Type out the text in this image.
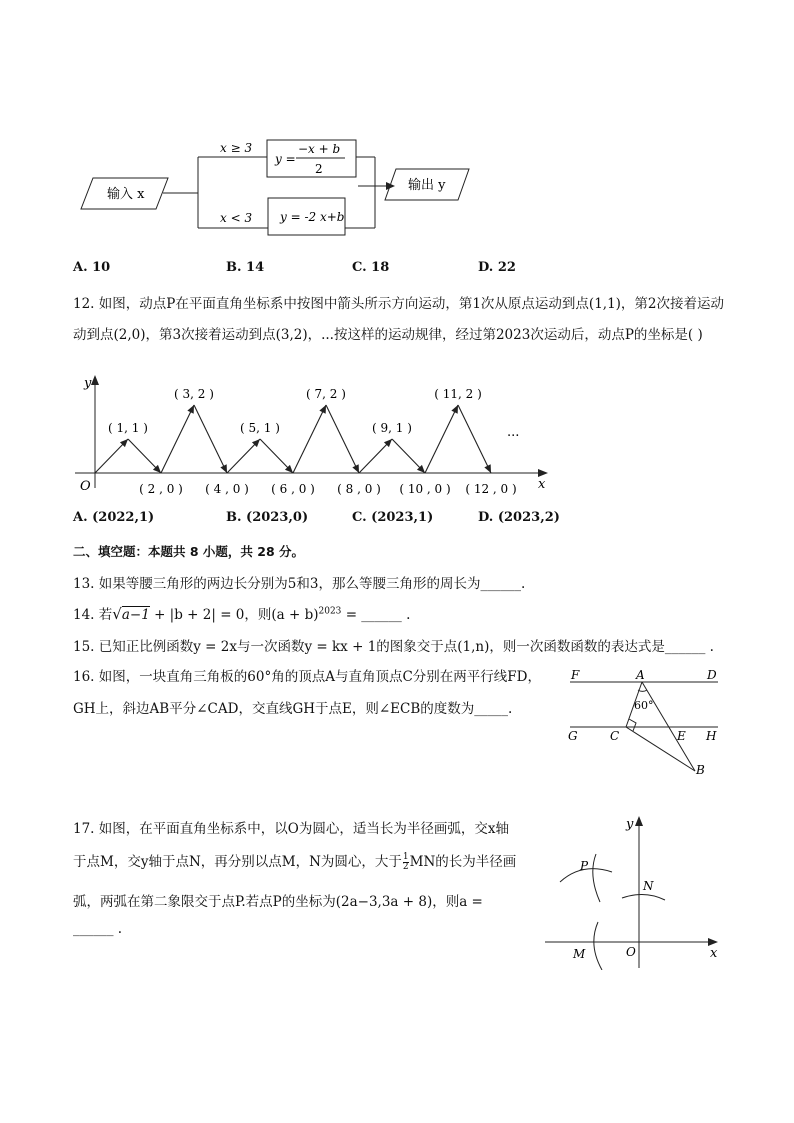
输入 x
x ≥ 3
x < 3
y =
−x + b
2
y = -2 x+b
输出 y
A. 10	B. 14	C. 18	D. 22
12. 如图，动点P在平面直角坐标系中按图中箭头所示方向运动，第1次从原点运动到点(1,1)，第2次接着运动
动到点(2,0)，第3次接着运动到点(3,2)，...按这样的运动规律，经过第2023次运动后，动点P的坐标是( )
y
x
O
( 1, 1 )
( 2 , 0 )
( 3, 2 )
( 4 , 0 )
( 5, 1 )
( 6 , 0 )
( 7, 2 )
( 8 , 0 )
( 9, 1 )
( 10 , 0 )
( 11, 2 )
( 12 , 0 )
...
A. (2022,1)	B. (2023,0)	C. (2023,1)	D. (2023,2)
二、填空题：本题共 8 小题，共 28 分。
13. 如果等腰三角形的两边长分别为5和3，那么等腰三角形的周长为______.
14. 若√a−1 + |b + 2| = 0，则$(a + b)^{2023}$ = ______ .
15. 已知正比例函数y = 2x与一次函数y = kx + 1的图象交于点(1,n)，则一次函数函数的表达式是______ .
16. 如图，一块直角三角板的60°角的顶点A与直角顶点C分别在两平行线FD，
GH上，斜边AB平分∠CAD，交直线GH于点E，则∠ECB的度数为_____.	60°
F	A	D
G	C	E H
B
17. 如图，在平面直角坐标系中，以O为圆心，适当长为半径画弧，交x轴
于点M，交y轴于点N，再分别以点M，N为圆心，大于 $\frac{1}{2}$ MN的长为半径画
弧，两弧在第二象限交于点P.若点P的坐标为(2a−3,3a + 8)，则a =
______ .
y
x
O
M
N
P
